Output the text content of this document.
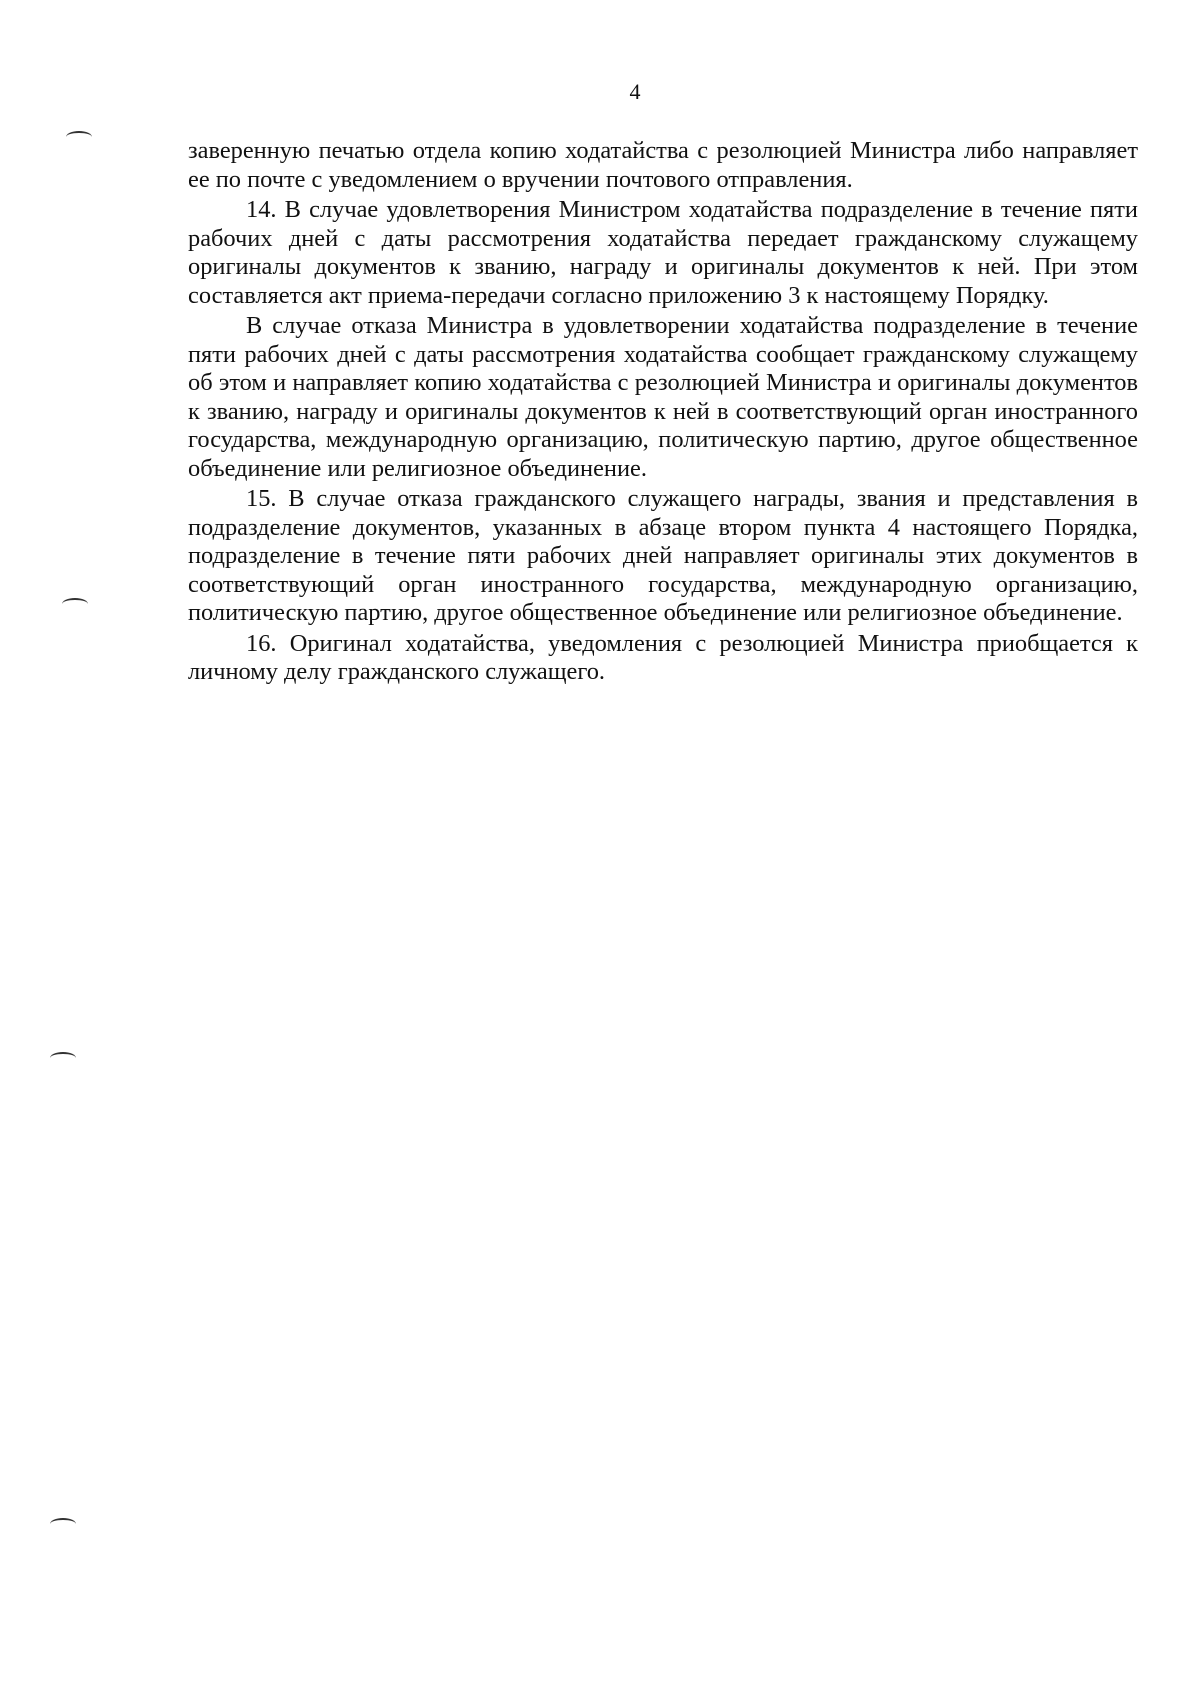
4

заверенную печатью отдела копию ходатайства с резолюцией Министра либо направляет ее по почте с уведомлением о вручении почтового отправления.

14. В случае удовлетворения Министром ходатайства подразделение в течение пяти рабочих дней с даты рассмотрения ходатайства передает гражданскому служащему оригиналы документов к званию, награду и оригиналы документов к ней. При этом составляется акт приема-передачи согласно приложению 3 к настоящему Порядку.

В случае отказа Министра в удовлетворении ходатайства подразделение в течение пяти рабочих дней с даты рассмотрения ходатайства сообщает гражданскому служащему об этом и направляет копию ходатайства с резолюцией Министра и оригиналы документов к званию, награду и оригиналы документов к ней в соответствующий орган иностранного государства, международную организацию, политическую партию, другое общественное объединение или религиозное объединение.

15. В случае отказа гражданского служащего награды, звания и представления в подразделение документов, указанных в абзаце втором пункта 4 настоящего Порядка, подразделение в течение пяти рабочих дней направляет оригиналы этих документов в соответствующий орган иностранного государства, международную организацию, политическую партию, другое общественное объединение или религиозное объединение.

16. Оригинал ходатайства, уведомления с резолюцией Министра приобщается к личному делу гражданского служащего.
